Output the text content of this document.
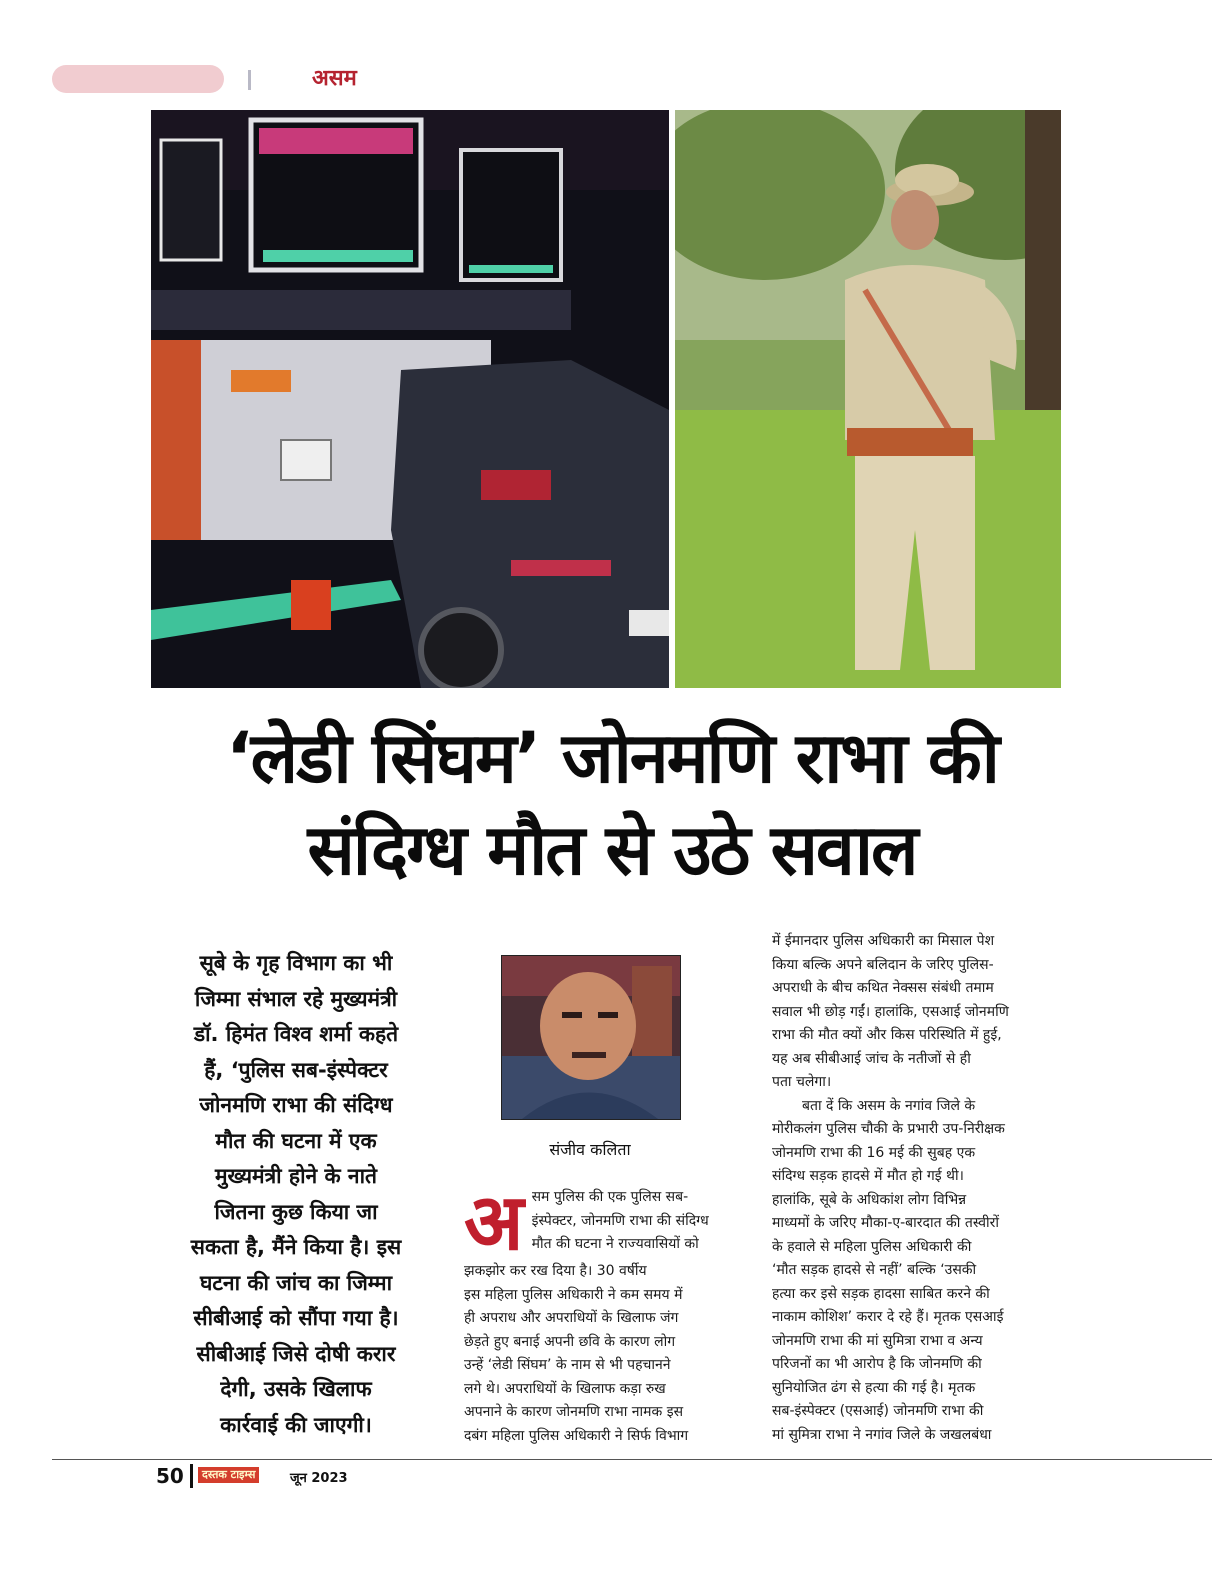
असम
‘लेडी सिंघम’ जोनमणि राभा की
संदिग्ध मौत से उठे सवाल
सूबे के गृह विभाग का भी
जिम्मा संभाल रहे मुख्यमंत्री
डॉ. हिमंत विश्व शर्मा कहते
हैं, ‘पुलिस सब-इंस्पेक्टर
जोनमणि राभा की संदिग्ध
मौत की घटना में एक
मुख्यमंत्री होने के नाते
जितना कुछ किया जा
सकता है, मैंने किया है। इस
घटना की जांच का जिम्मा
सीबीआई को सौंपा गया है।
सीबीआई जिसे दोषी करार
देगी, उसके खिलाफ
कार्रवाई की जाएगी।
संजीव कलिता
अ सम पुलिस की एक पुलिस सब-
इंस्पेक्टर, जोनमणि राभा की संदिग्ध
मौत की घटना ने राज्यवासियों को
झकझोर कर रख दिया है। 30 वर्षीय
इस महिला पुलिस अधिकारी ने कम समय में
ही अपराध और अपराधियों के खिलाफ जंग
छेड़ते हुए बनाई अपनी छवि के कारण लोग
उन्हें ‘लेडी सिंघम’ के नाम से भी पहचानने
लगे थे। अपराधियों के खिलाफ कड़ा रुख
अपनाने के कारण जोनमणि राभा नामक इस
दबंग महिला पुलिस अधिकारी ने सिर्फ विभाग
में ईमानदार पुलिस अधिकारी का मिसाल पेश
किया बल्कि अपने बलिदान के जरिए पुलिस-
अपराधी के बीच कथित नेक्सस संबंधी तमाम
सवाल भी छोड़ गईं। हालांकि, एसआई जोनमणि
राभा की मौत क्यों और किस परिस्थिति में हुई,
यह अब सीबीआई जांच के नतीजों से ही
पता चलेगा।
बता दें कि असम के नगांव जिले के
मोरीकलंग पुलिस चौकी के प्रभारी उप-निरीक्षक
जोनमणि राभा की 16 मई की सुबह एक
संदिग्ध सड़क हादसे में मौत हो गई थी।
हालांकि, सूबे के अधिकांश लोग विभिन्न
माध्यमों के जरिए मौका-ए-बारदात की तस्वीरों
के हवाले से महिला पुलिस अधिकारी की
‘मौत सड़क हादसे से नहीं’ बल्कि ‘उसकी
हत्या कर इसे सड़क हादसा साबित करने की
नाकाम कोशिश’ करार दे रहे हैं। मृतक एसआई
जोनमणि राभा की मां सुमित्रा राभा व अन्य
परिजनों का भी आरोप है कि जोनमणि की
सुनियोजित ढंग से हत्या की गई है। मृतक
सब-इंस्पेक्टर (एसआई) जोनमणि राभा की
मां सुमित्रा राभा ने नगांव जिले के जखलबंधा
50	दस्तक टाइम्स	जून 2023
